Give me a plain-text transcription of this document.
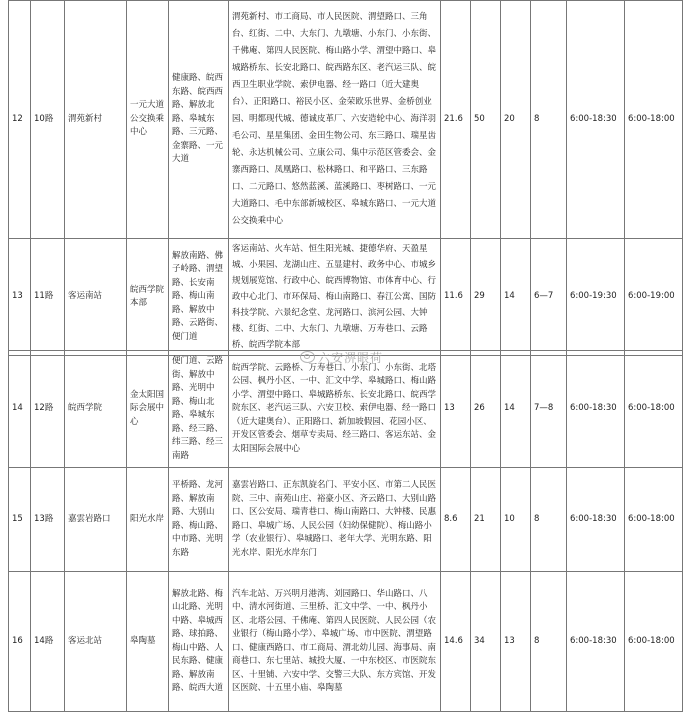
12	10路	渭苑新村	一元大道公交换乘中心	健康路、皖西东路、皖西西路、解放北路、皋城东路、三元路、金寨路、一元大道	渭苑新村、市工商局、市人民医院、渭望路口、三角台、红街、二中、大东门、九墩塘、小东门、小东街、千佛庵、第四人民医院、梅山路小学、渭望中路口、皋城路桥东、长安北路口、皖西路东区、老汽运三队、皖西卫生职业学院、索伊电器、经一路口（近大建奥台）、正阳路口、裕民小区、金荣欧乐世界、金桥创业园、明都现代城、德诚皮革厂、六安造轮中心、海洋羽毛公司、星星集团、金田生物公司、东三路口、瑞星齿轮、永达机械公司、立康公司、集中示范区管委会、金寨西路口、凤凰路口、松林路口、和平路口、三东路口、二元路口、悠然蓝溪、蓝溪路口、枣树路口、一元大道路口、毛中东部新城校区、皋城东路口、一元大道公交换乘中心	21.6	50	20	8	6:00-18:30	6:00-18:00
13	11路	客运南站	皖西学院本部	解放南路、佛子岭路、渭望路、长安南路、梅山南路、解放中路、云路街、便门道	客运南站、火车站、恒生阳光城、捷德华府、天盈星城、小果园、龙湖山庄、五显建村、政务中心、市城乡规划展览馆、行政中心、皖西博物馆、市体育中心、行政中心北门、市环保局、梅山南路口、春江公寓、国防科技学院、六景纪念堂、龙河路口、滨河公园、大钟楼、红街、二中、大东门、九墩塘、万寿巷口、云路桥、皖西学院本部	11.6	29	14	6—7	6:00-19:30	6:00-19:00
六安淠眼荷
14	12路	皖西学院	金太阳国际会展中心	便门道、云路街、解放中路、光明中路、梅山北路、皋城东路、经三路、纬三路、经三南路	皖西学院、云路桥、万寿巷口、小东门、小东街、北塔公园、枫丹小区、一中、汇文中学、皋城路口、梅山路小学、渭望中路口、皋城路桥东、长安北路口、皖西学院东区、老汽运三队、六安卫校、索伊电器、经一路口（近大建奥台）、正阳路口、新加坡假园、花园小区、开发区管委会、烟草专卖局、经三路口、客运东站、金太阳国际会展中心	13	26	14	7—8	6:00-18:30	6:00-18:00
15	13路	嘉雲岩路口	阳光水岸	平桥路、龙河路、解放南路、大别山路、梅山路、中市路、光明东路	嘉雲岩路口、正东凯旋名门、平安小区、市第二人民医院、三中、南苑山庄、裕豪小区、齐云路口、大别山路口、区公安局、瑞青巷口、梅山南路口、大钟楼、民惠路口、皋城广场、人民公园（妇幼保健院）、梅山路小学（农业银行）、皋城路口、老年大学、光明东路、阳光水岸、阳光水岸东门	8.6	21	10	8	6:00-18:30	6:00-18:00
16	14路	客运北站	皋陶墓	解放北路、梅山北路、光明中路、皋城西路、球拍路、梅山中路、人民东路、健康路、解放南路、皖西大道	汽车北站、万兴明月港湾、刘园路口、华山路口、八中、清水河街道、三里桥、汇文中学、一中、枫丹小区、北塔公园、千佛庵、第四人民医院、人民公园（农业银行（梅山路小学）、皋城广场、市中医院、渭望路口、健康西路口、市工商局、渭北幼儿园、海事局、南商巷口、东七里站、城投大厦、一中东校区、市医院东区、十里铺、六安中学、交警三大队、东方宾馆、开发区医院、十五里小庙、皋陶墓	14.6	34	13	8	6:00-18:30	6:00-18:00
